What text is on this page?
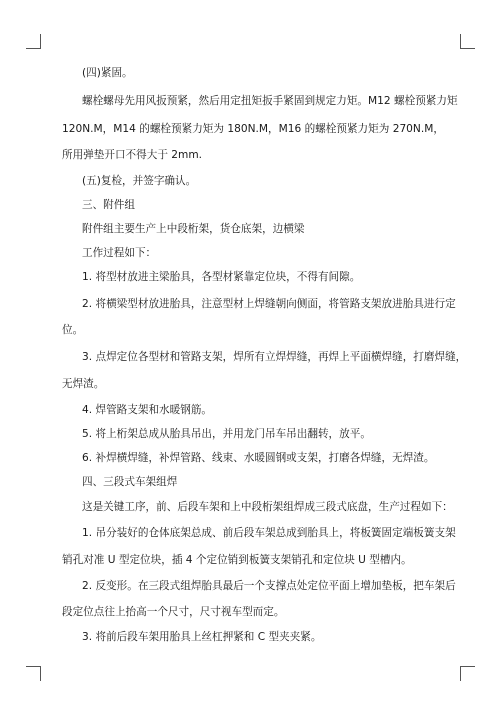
(四)紧固。
螺栓螺母先用风扳预紧，然后用定扭矩扳手紧固到规定力矩。M12 螺栓预紧力矩
120N.M，M14 的螺栓预紧力矩为 180N.M，M16 的螺栓预紧力矩为 270N.M，
所用弹垫开口不得大于 2mm.
(五)复检，并签字确认。
三、附件组
附件组主要生产上中段桁架，货仓底架，边横梁
工作过程如下：
1. 将型材放进主梁胎具，各型材紧靠定位块，不得有间隙。
2. 将横梁型材放进胎具，注意型材上焊缝朝向侧面，将管路支架放进胎具进行定
位。
3. 点焊定位各型材和管路支架，焊所有立焊焊缝，再焊上平面横焊缝，打磨焊缝，
无焊渣。
4. 焊管路支架和水暖钢筋。
5. 将上桁架总成从胎具吊出，并用龙门吊车吊出翻转，放平。
6. 补焊横焊缝，补焊管路、线束、水暖圆钢或支架，打磨各焊缝，无焊渣。
四、三段式车架组焊
这是关键工序，前、后段车架和上中段桁架组焊成三段式底盘，生产过程如下：
1. 吊分装好的仓体底架总成、前后段车架总成到胎具上，将板簧固定端板簧支架
销孔对准 U 型定位块，插 4 个定位销到板簧支架销孔和定位块 U 型槽内。
2. 反变形。在三段式组焊胎具最后一个支撑点处定位平面上增加垫板，把车架后
段定位点往上抬高一个尺寸，尺寸视车型而定。
3. 将前后段车架用胎具上丝杠押紧和 C 型夹夹紧。
